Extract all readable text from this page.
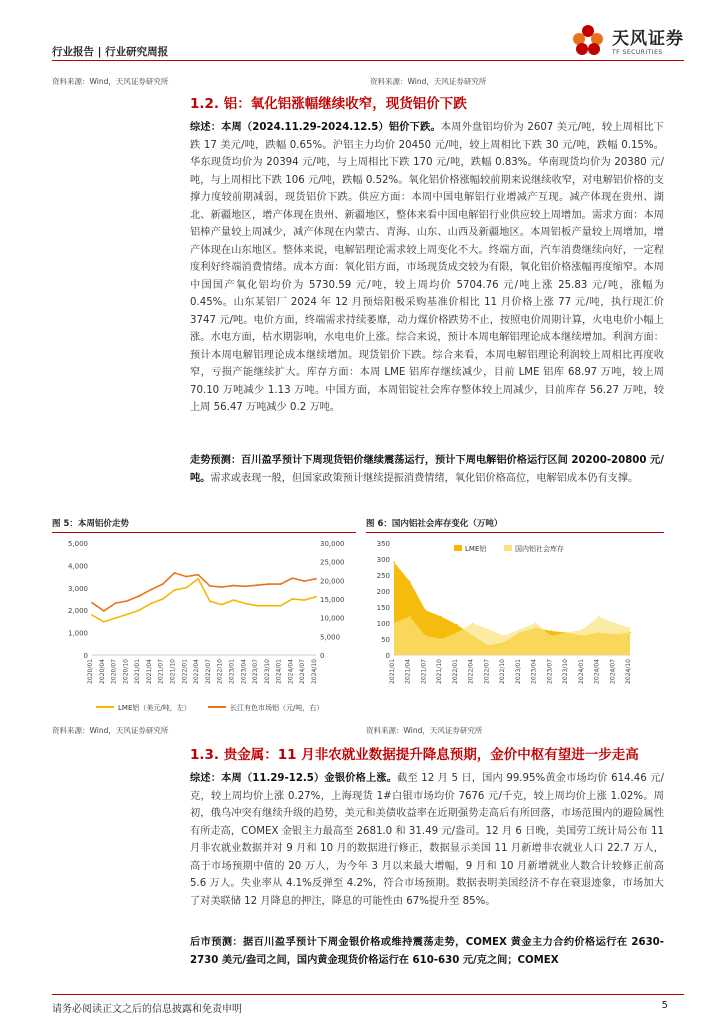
行业报告 | 行业研究周报
天风证券
TF SECURITIES
资料来源：Wind，天风证券研究所	资料来源：Wind，天风证券研究所
1.2. 铝：氧化铝涨幅继续收窄，现货铝价下跌
综述：本周（2024.11.29-2024.12.5）铝价下跌。本周外盘铝均价为 2607 美元/吨，较上周相比下跌 17 美元/吨，跌幅 0.65%。沪铝主力均价 20450 元/吨，较上周相比下跌 30 元/吨，跌幅 0.15%。华东现货均价为 20394 元/吨，与上周相比下跌 170 元/吨，跌幅 0.83%。华南现货均价为 20380 元/吨，与上周相比下跌 106 元/吨，跌幅 0.52%。氧化铝价格涨幅较前期来说继续收窄，对电解铝价格的支撑力度较前期减弱，现货铝价下跌。供应方面：本周中国电解铝行业增减产互现。减产体现在贵州、湖北、新疆地区，增产体现在贵州、新疆地区，整体来看中国电解铝行业供应较上周增加。需求方面：本周铝棒产量较上周减少，减产体现在内蒙古、青海、山东、山西及新疆地区。本周铝板产量较上周增加，增产体现在山东地区。整体来说，电解铝理论需求较上周变化不大。终端方面，汽车消费继续向好，一定程度利好终端消费情绪。成本方面：氧化铝方面，市场现货成交较为有限，氧化铝价格涨幅再度缩窄。本周中国国产氧化铝均价为 5730.59 元/吨，较上周均价 5704.76 元/吨上涨 25.83 元/吨，涨幅为 0.45%。山东某铝厂 2024 年 12 月预焙阳极采购基准价相比 11 月价格上涨 77 元/吨，执行现汇价 3747 元/吨。电价方面，终端需求持续萎靡，动力煤价格跌势不止，按照电价周期计算，火电电价小幅上涨。水电方面，枯水期影响，水电电价上涨。综合来说，预计本周电解铝理论成本继续增加。利润方面：预计本周电解铝理论成本继续增加。现货铝价下跌。综合来看，本周电解铝理论利润较上周相比再度收窄，亏损产能继续扩大。库存方面：本周 LME 铝库存继续减少，目前 LME 铝库 68.97 万吨，较上周 70.10 万吨减少 1.13 万吨。中国方面，本周铝锭社会库存整体较上周减少，目前库存 56.27 万吨，较上周 56.47 万吨减少 0.2 万吨。
走势预测：百川盈孚预计下周现货铝价继续震荡运行，预计下周电解铝价格运行区间 20200-20800 元/吨。需求或表现一般，但国家政策预计继续提振消费情绪，氧化铝价格高位，电解铝成本仍有支撑。
图 5：本周铝价走势
0
1,000
2,000
3,000
4,000
5,000
0
5,000
10,000
15,000
20,000
25,000
30,000
2020/01 2020/04 2020/07 2020/10 2021/01 2021/04 2021/07 2021/10 2022/01 2022/04 2022/07 2022/10 2023/01 2023/04 2023/07 2023/10 2024/01 2024/04 2024/07 2024/10
LME铝（美元/吨，左）	长江有色市场铝（元/吨，右）
资料来源：Wind，天风证券研究所
图 6：国内铝社会库存变化（万吨）
0
50
100
150
200
250
300
350
2021/01 2021/04 2021/07 2021/10 2022/01 2022/04 2022/07 2022/10 2023/01 2023/04 2023/07 2023/10 2024/01 2024/04 2024/07 2024/10
LME铝	国内铝社会库存
资料来源：Wind，天风证券研究所
1.3. 贵金属：11 月非农就业数据提升降息预期，金价中枢有望进一步走高
综述：本周（11.29-12.5）金银价格上涨。截至 12 月 5 日，国内 99.95%黄金市场均价 614.46 元/克，较上周均价上涨 0.27%，上海现货 1#白银市场均价 7676 元/千克，较上周均价上涨 1.02%。周初，俄乌冲突有继续升级的趋势，美元和美债收益率在近期强势走高后有所回落，市场范围内的避险属性有所走高，COMEX 金银主力最高至 2681.0 和 31.49 元/盎司。12 月 6 日晚，美国劳工统计局公布 11 月非农就业数据并对 9 月和 10 月的数据进行修正，数据显示美国 11 月新增非农就业人口 22.7 万人，高于市场预期中值的 20 万人，为今年 3 月以来最大增幅，9 月和 10 月新增就业人数合计较修正前高 5.6 万人。失业率从 4.1%反弹至 4.2%，符合市场预期。数据表明美国经济不存在衰退迹象，市场加大了对美联储 12 月降息的押注，降息的可能性由 67%提升至 85%。
后市预测：据百川盈孚预计下周金银价格或维持震荡走势，COMEX 黄金主力合约价格运行在 2630-2730 美元/盎司之间，国内黄金现货价格运行在 610-630 元/克之间；COMEX
请务必阅读正文之后的信息披露和免责申明	5
